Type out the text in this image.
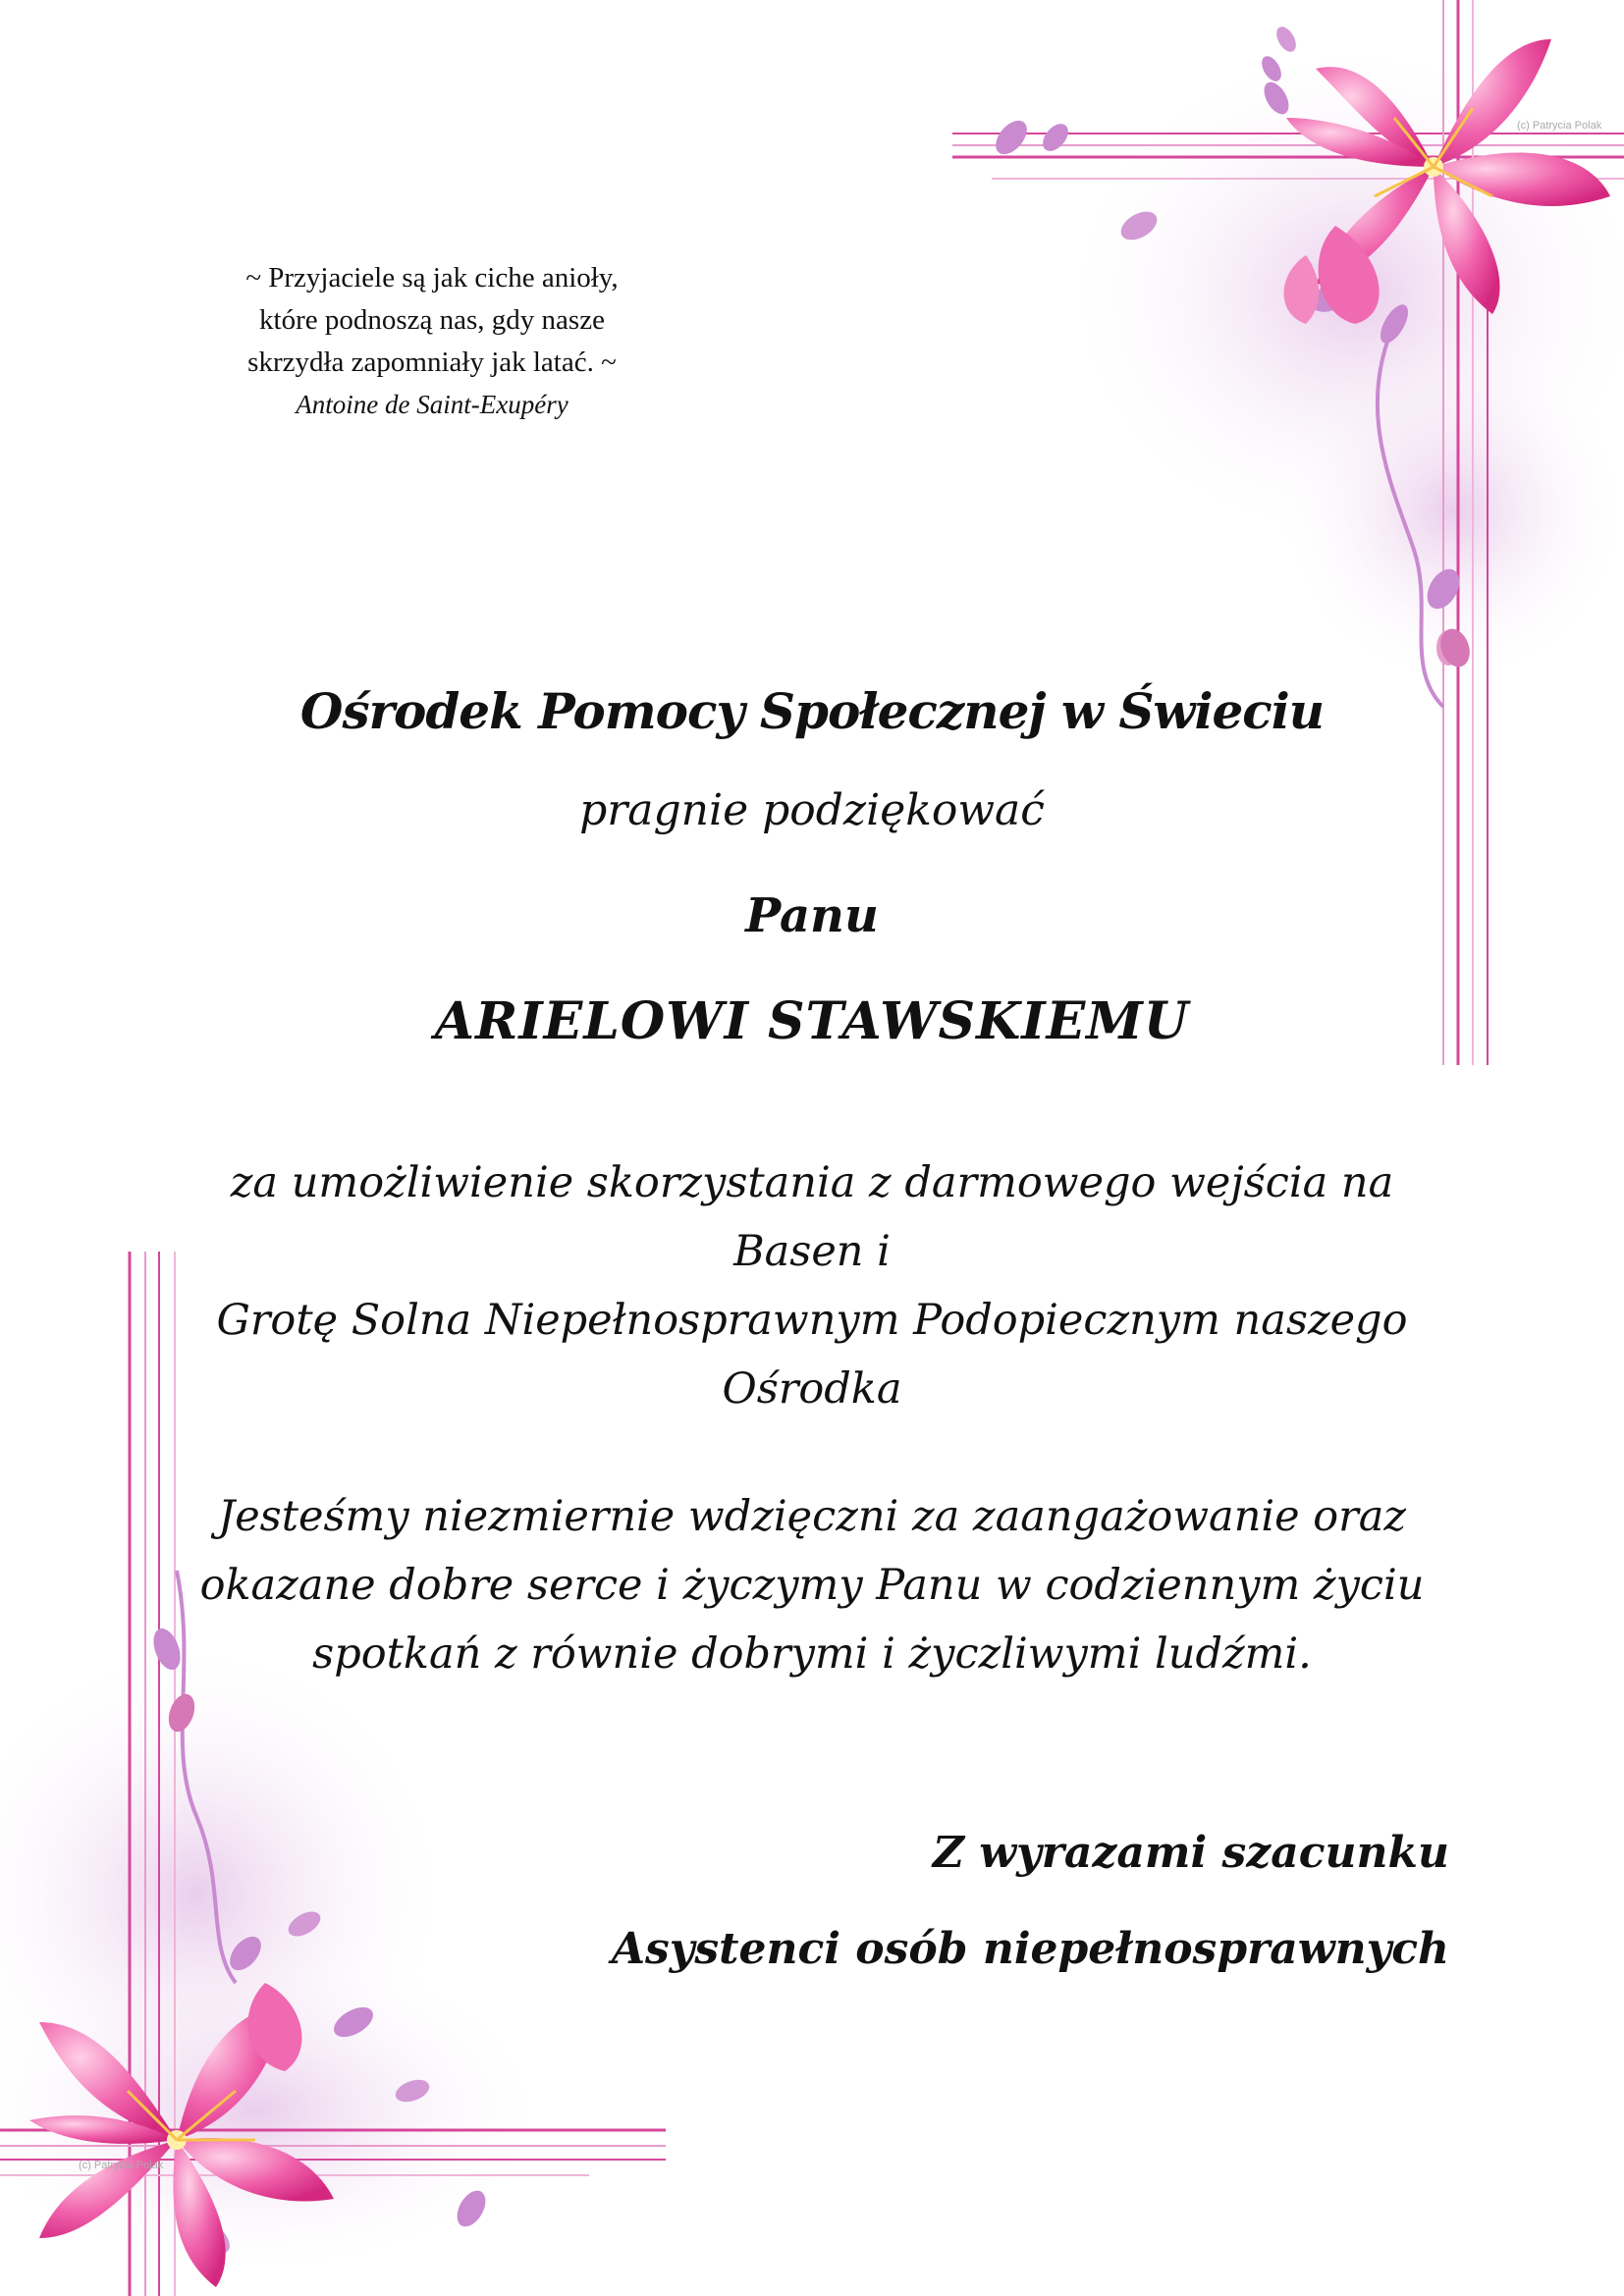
(c) Patrycia Polak
(c) Patrycia Polak
~ Przyjaciele są jak ciche anioły,
które podnoszą nas, gdy nasze
skrzydła zapomniały jak latać. ~

Antoine de Saint-Exupéry
Ośrodek Pomocy Społecznej w Świeciu
pragnie podziękować
Panu
ARIELOWI STAWSKIEMU
za umożliwienie skorzystania z darmowego wejścia na Basen i
Grotę Solna Niepełnosprawnym Podopiecznym naszego
Ośrodka
Jesteśmy niezmiernie wdzięczni za zaangażowanie oraz
okazane dobre serce i życzymy Panu w codziennym życiu
spotkań z równie dobrymi i życzliwymi ludźmi.
Z wyrazami szacunku
Asystenci osób niepełnosprawnych
